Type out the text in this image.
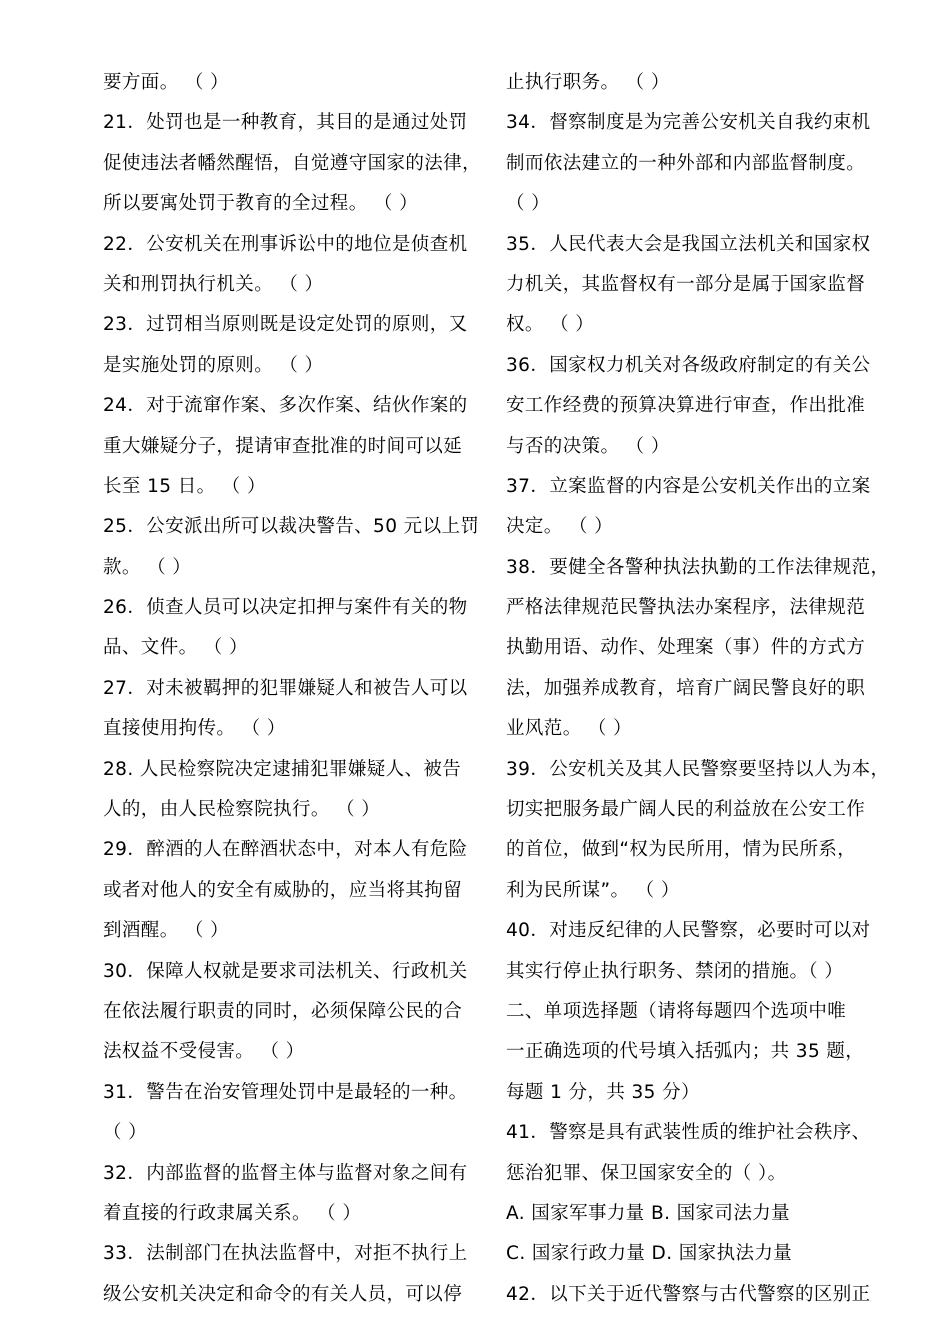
要方面。 （ ）
21．处罚也是一种教育，其目的是通过处罚
促使违法者幡然醒悟，自觉遵守国家的法律，
所以要寓处罚于教育的全过程。 （ ）
22．公安机关在刑事诉讼中的地位是侦查机
关和刑罚执行机关。 （ ）
23．过罚相当原则既是设定处罚的原则，又
是实施处罚的原则。 （ ）
24．对于流窜作案、多次作案、结伙作案的
重大嫌疑分子，提请审查批准的时间可以延
长至 15 日。 （ ）
25．公安派出所可以裁决警告、50 元以上罚
款。 （ ）
26．侦查人员可以决定扣押与案件有关的物
品、文件。 （ ）
27．对未被羁押的犯罪嫌疑人和被告人可以
直接使用拘传。 （ ）
28. 人民检察院决定逮捕犯罪嫌疑人、被告
人的，由人民检察院执行。 （ ）
29．醉酒的人在醉酒状态中，对本人有危险
或者对他人的安全有威胁的，应当将其拘留
到酒醒。 （ ）
30．保障人权就是要求司法机关、行政机关
在依法履行职责的同时，必须保障公民的合
法权益不受侵害。 （ ）
31．警告在治安管理处罚中是最轻的一种。
（ ）
32．内部监督的监督主体与监督对象之间有
着直接的行政隶属关系。 （ ）
33．法制部门在执法监督中，对拒不执行上
级公安机关决定和命令的有关人员，可以停
止执行职务。 （ ）
34．督察制度是为完善公安机关自我约束机
制而依法建立的一种外部和内部监督制度。
（ ）
35．人民代表大会是我国立法机关和国家权
力机关，其监督权有一部分是属于国家监督
权。 （ ）
36．国家权力机关对各级政府制定的有关公
安工作经费的预算决算进行审查，作出批准
与否的决策。 （ ）
37．立案监督的内容是公安机关作出的立案
决定。 （ ）
38．要健全各警种执法执勤的工作法律规范，
严格法律规范民警执法办案程序，法律规范
执勤用语、动作、处理案（事）件的方式方
法，加强养成教育，培育广阔民警良好的职
业风范。 （ ）
39．公安机关及其人民警察要坚持以人为本，
切实把服务最广阔人民的利益放在公安工作
的首位，做到“权为民所用，情为民所系，
利为民所谋”。 （ ）
40．对违反纪律的人民警察，必要时可以对
其实行停止执行职务、禁闭的措施。（ ）
二、单项选择题（请将每题四个选项中唯
一正确选项的代号填入括弧内；共 35 题，
每题 1 分，共 35 分）
41．警察是具有武装性质的维护社会秩序、
惩治犯罪、保卫国家安全的（ ）。
A. 国家军事力量 B. 国家司法力量
C. 国家行政力量 D. 国家执法力量
42．以下关于近代警察与古代警察的区别正
